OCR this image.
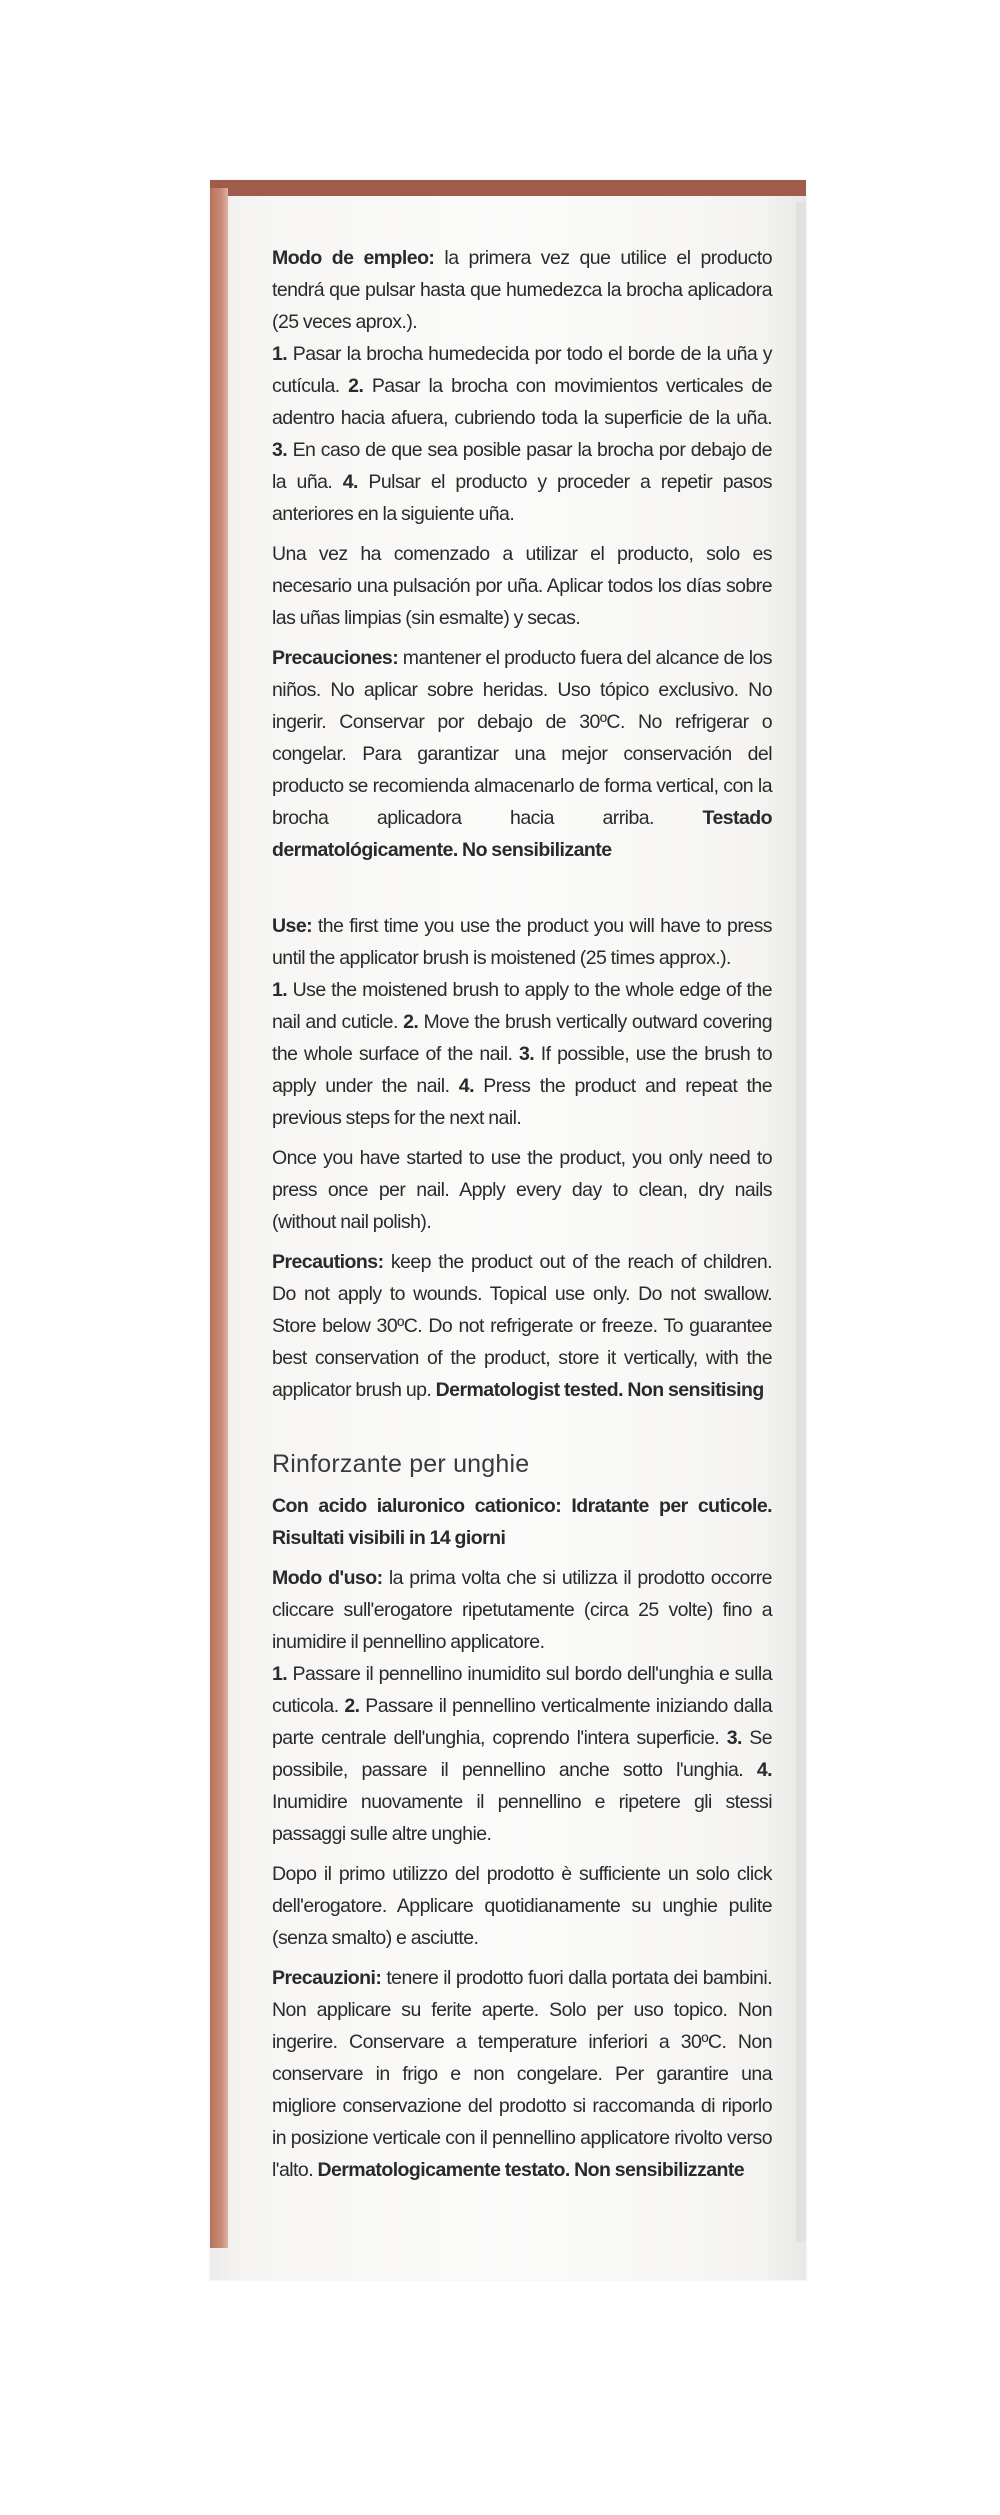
Modo de empleo: la primera vez que utilice el producto tendrá que pulsar hasta que humedezca la brocha aplicadora (25 veces aprox.).
1. Pasar la brocha humedecida por todo el borde de la uña y cutícula. 2. Pasar la brocha con movimientos verticales de adentro hacia afuera, cubriendo toda la superficie de la uña. 3. En caso de que sea posible pasar la brocha por debajo de la uña. 4. Pulsar el producto y proceder a repetir pasos anteriores en la siguiente uña.

Una vez ha comenzado a utilizar el producto, solo es necesario una pulsación por uña. Aplicar todos los días sobre las uñas limpias (sin esmalte) y secas.

Precauciones: mantener el producto fuera del alcance de los niños. No aplicar sobre heridas. Uso tópico exclusivo. No ingerir. Conservar por debajo de 30ºC. No refrigerar o congelar. Para garantizar una mejor conservación del producto se recomienda almacenarlo de forma vertical, con la brocha aplicadora hacia arriba. Testado dermatológicamente. No sensibilizante

Use: the first time you use the product you will have to press until the applicator brush is moistened (25 times approx.).
1. Use the moistened brush to apply to the whole edge of the nail and cuticle. 2. Move the brush vertically outward covering the whole surface of the nail. 3. If possible, use the brush to apply under the nail. 4. Press the product and repeat the previous steps for the next nail.

Once you have started to use the product, you only need to press once per nail. Apply every day to clean, dry nails (without nail polish).

Precautions: keep the product out of the reach of children. Do not apply to wounds. Topical use only. Do not swallow. Store below 30ºC. Do not refrigerate or freeze. To guarantee best conservation of the product, store it vertically, with the applicator brush up. Dermatologist tested. Non sensitising

Rinforzante per unghie

Con acido ialuronico cationico: Idratante per cuticole. Risultati visibili in 14 giorni

Modo d'uso: la prima volta che si utilizza il prodotto occorre cliccare sull'erogatore ripetutamente (circa 25 volte) fino a inumidire il pennellino applicatore.
1. Passare il pennellino inumidito sul bordo dell'unghia e sulla cuticola. 2. Passare il pennellino verticalmente iniziando dalla parte centrale dell'unghia, coprendo l'intera superficie. 3. Se possibile, passare il pennellino anche sotto l'unghia. 4. Inumidire nuovamente il pennellino e ripetere gli stessi passaggi sulle altre unghie.

Dopo il primo utilizzo del prodotto è sufficiente un solo click dell'erogatore. Applicare quotidianamente su unghie pulite (senza smalto) e asciutte.

Precauzioni: tenere il prodotto fuori dalla portata dei bambini. Non applicare su ferite aperte. Solo per uso topico. Non ingerire. Conservare a temperature inferiori a 30ºC. Non conservare in frigo e non congelare. Per garantire una migliore conservazione del prodotto si raccomanda di riporlo in posizione verticale con il pennellino applicatore rivolto verso l'alto. Dermatologicamente testato. Non sensibilizzante
